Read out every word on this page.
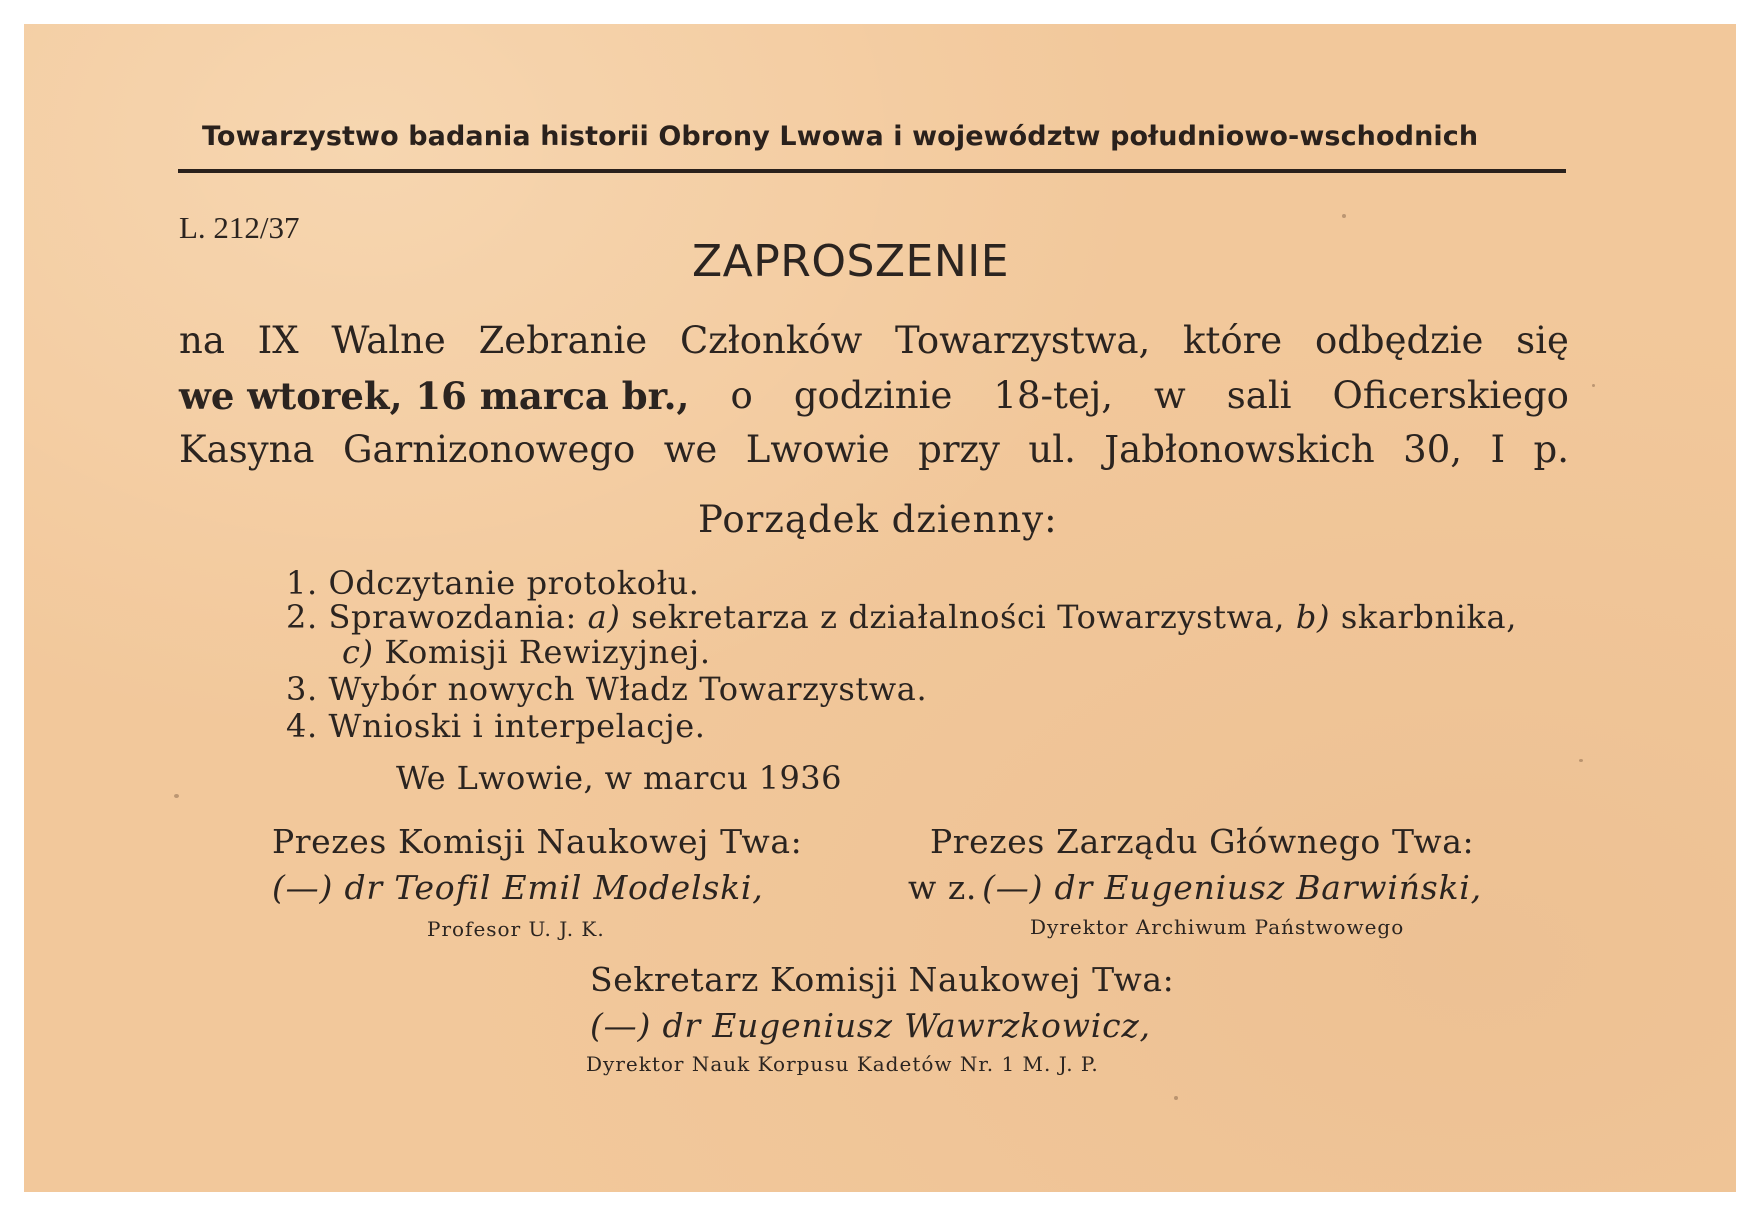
Towarzystwo badania historii Obrony Lwowa i województw południowo-wschodnich
L. 212/37
ZAPROSZENIE
na IX Walne Zebranie Członków Towarzystwa, które odbędzie się
we wtorek, 16 marca br., o godzinie 18-tej, w sali Oficerskiego
Kasyna Garnizonowego we Lwowie przy ul. Jabłonowskich 30, I p.
Porządek dzienny:
1. Odczytanie protokołu.
2. Sprawozdania: a) sekretarza z działalności Towarzystwa, b) skarbnika,
c) Komisji Rewizyjnej.
3. Wybór nowych Władz Towarzystwa.
4. Wnioski i interpelacje.
We Lwowie, w marcu 1936
Prezes Komisji Naukowej Twa:
(—) dr Teofil Emil Modelski,
Profesor U. J. K.
Prezes Zarządu Głównego Twa:
w z. (—) dr Eugeniusz Barwiński,
Dyrektor Archiwum Państwowego
Sekretarz Komisji Naukowej Twa:
(—) dr Eugeniusz Wawrzkowicz,
Dyrektor Nauk Korpusu Kadetów Nr. 1 M. J. P.
